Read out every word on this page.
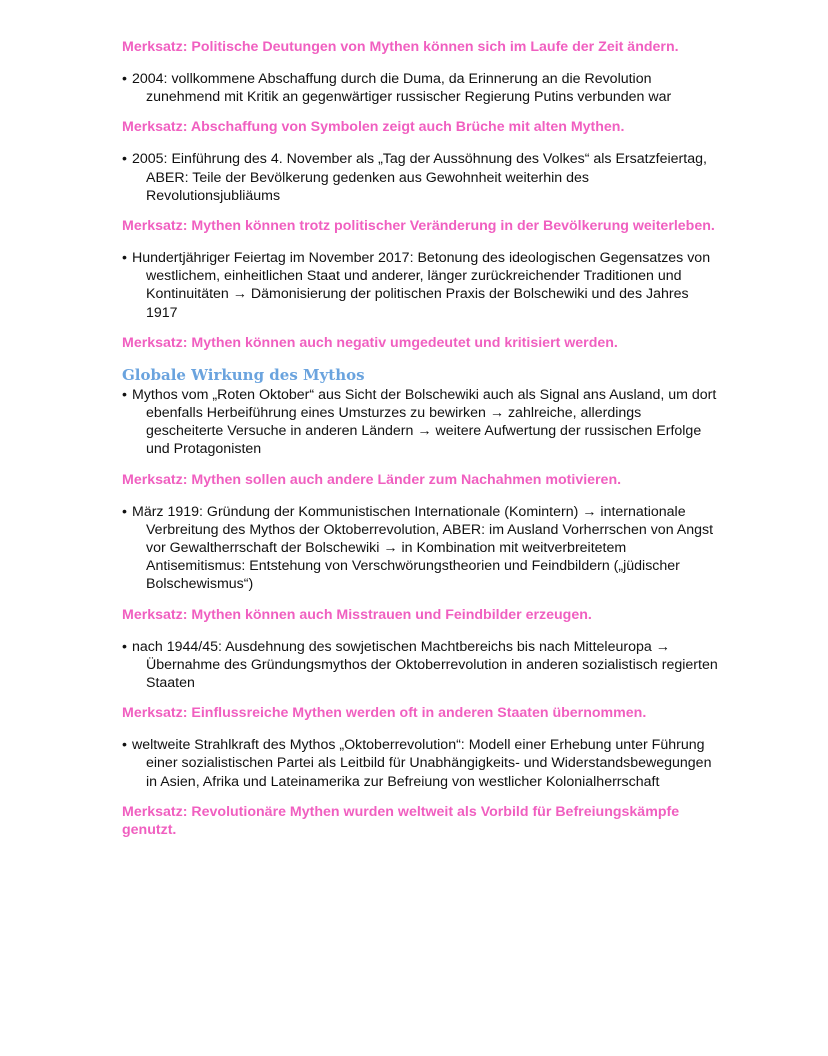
Merksatz: Politische Deutungen von Mythen können sich im Laufe der Zeit ändern.

• 2004: vollkommene Abschaffung durch die Duma, da Erinnerung an die Revolution zunehmend mit Kritik an gegenwärtiger russischer Regierung Putins verbunden war

Merksatz: Abschaffung von Symbolen zeigt auch Brüche mit alten Mythen.

• 2005: Einführung des 4. November als „Tag der Aussöhnung des Volkes“ als Ersatzfeiertag, ABER: Teile der Bevölkerung gedenken aus Gewohnheit weiterhin des Revolutionsjubliäums

Merksatz: Mythen können trotz politischer Veränderung in der Bevölkerung weiterleben.

• Hundertjähriger Feiertag im November 2017: Betonung des ideologischen Gegensatzes von westlichem, einheitlichen Staat und anderer, länger zurückreichender Traditionen und Kontinuitäten → Dämonisierung der politischen Praxis der Bolschewiki und des Jahres 1917

Merksatz: Mythen können auch negativ umgedeutet und kritisiert werden.

Globale Wirkung des Mythos
• Mythos vom „Roten Oktober“ aus Sicht der Bolschewiki auch als Signal ans Ausland, um dort ebenfalls Herbeiführung eines Umsturzes zu bewirken → zahlreiche, allerdings gescheiterte Versuche in anderen Ländern → weitere Aufwertung der russischen Erfolge und Protagonisten

Merksatz: Mythen sollen auch andere Länder zum Nachahmen motivieren.

• März 1919: Gründung der Kommunistischen Internationale (Komintern) → internationale Verbreitung des Mythos der Oktoberrevolution, ABER: im Ausland Vorherrschen von Angst vor Gewaltherrschaft der Bolschewiki → in Kombination mit weitverbreitetem Antisemitismus: Entstehung von Verschwörungstheorien und Feindbildern („jüdischer Bolschewismus“)

Merksatz: Mythen können auch Misstrauen und Feindbilder erzeugen.

• nach 1944/45: Ausdehnung des sowjetischen Machtbereichs bis nach Mitteleuropa → Übernahme des Gründungsmythos der Oktoberrevolution in anderen sozialistisch regierten Staaten

Merksatz: Einflussreiche Mythen werden oft in anderen Staaten übernommen.

• weltweite Strahlkraft des Mythos „Oktoberrevolution“: Modell einer Erhebung unter Führung einer sozialistischen Partei als Leitbild für Unabhängigkeits- und Widerstandsbewegungen in Asien, Afrika und Lateinamerika zur Befreiung von westlicher Kolonialherrschaft

Merksatz: Revolutionäre Mythen wurden weltweit als Vorbild für Befreiungskämpfe genutzt.
